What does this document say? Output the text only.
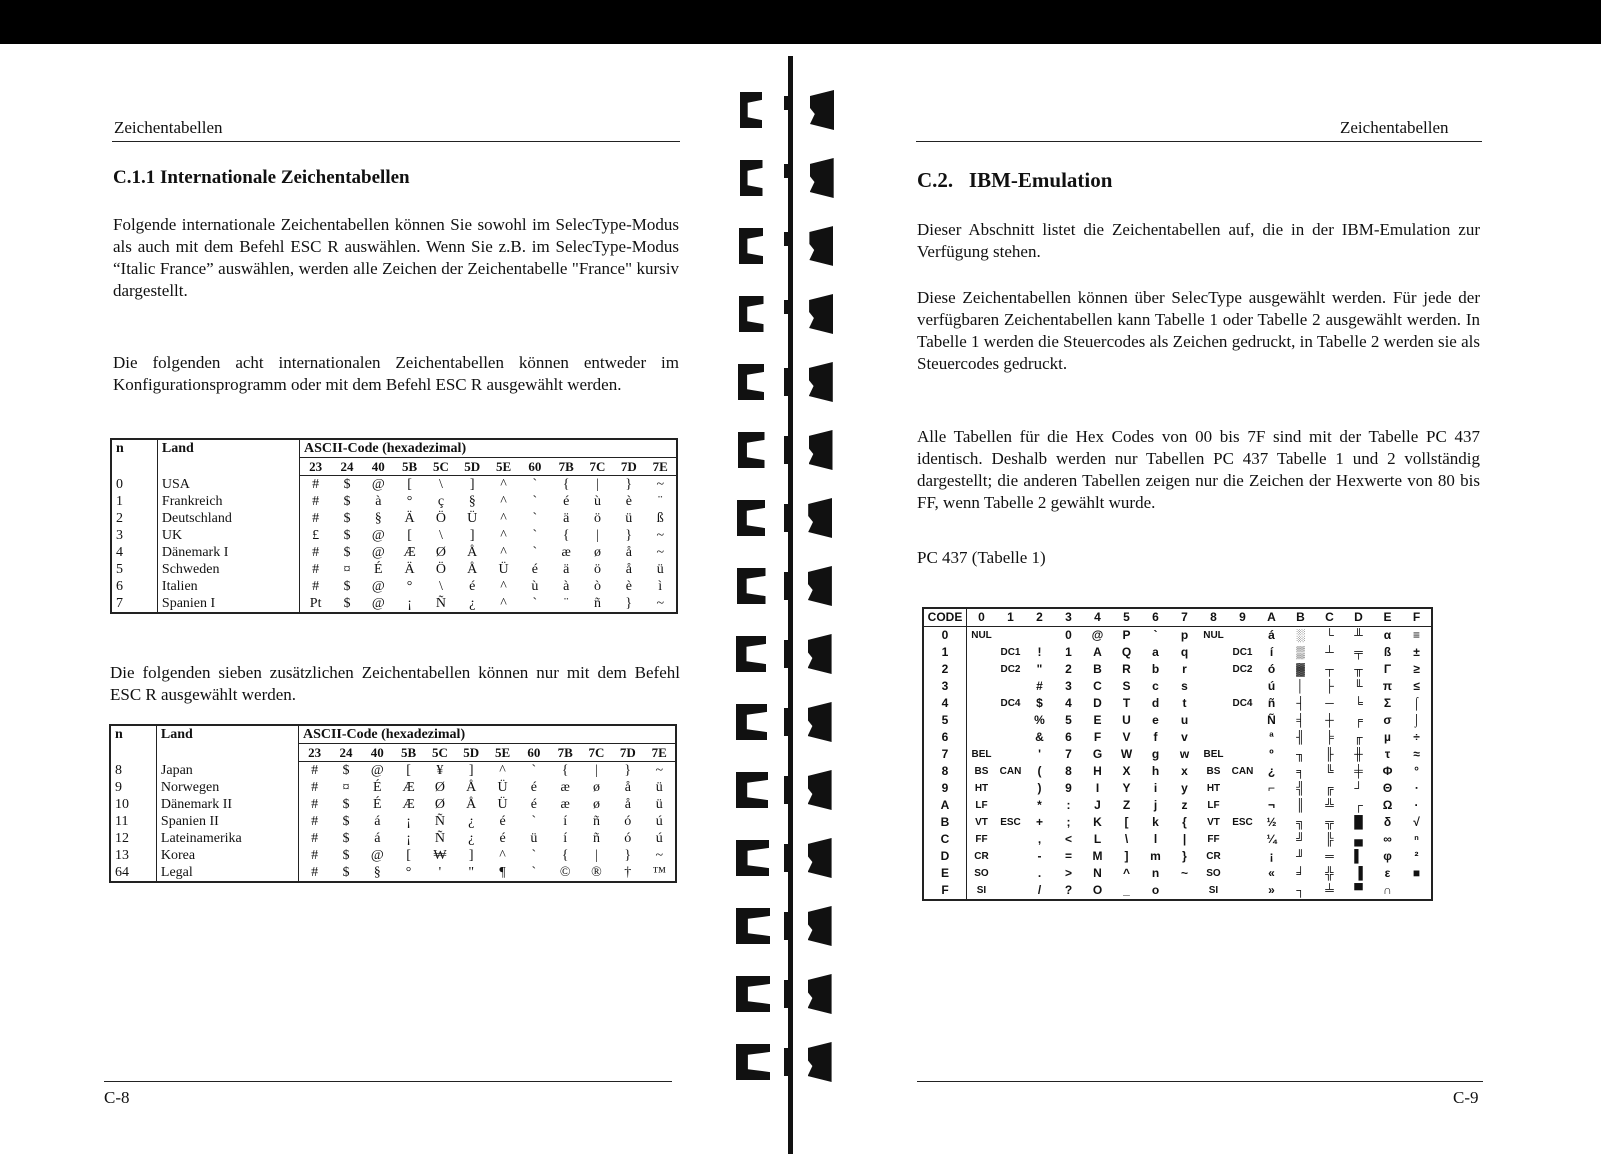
Zeichentabellen
C.1.1 Internationale Zeichentabellen

Folgende internationale Zeichentabellen können Sie sowohl im SelecType-Modus als auch mit dem Befehl ESC R auswählen. Wenn Sie z.B. im SelecType-Modus “Italic France” auswählen, werden alle Zeichen der Zeichentabelle "France" kursiv dargestellt.

Die folgenden acht internationalen Zeichentabellen können entweder im Konfigurationsprogramm oder mit dem Befehl ESC R ausgewählt werden.

n	Land	ASCII-Code (hexadezimal)											
		23	24	40	5B	5C	5D	5E	60	7B	7C	7D	7E
0	USA	#	$	@	[	\	]	^	`	{	|	}	~
1	Frankreich	#	$	à	°	ç	§	^	`	é	ù	è	¨
2	Deutschland	#	$	§	Ä	Ö	Ü	^	`	ä	ö	ü	ß
3	UK	£	$	@	[	\	]	^	`	{	|	}	~
4	Dänemark I	#	$	@	Æ	Ø	Å	^	`	æ	ø	å	~
5	Schweden	#	¤	É	Ä	Ö	Å	Ü	é	ä	ö	å	ü
6	Italien	#	$	@	°	\	é	^	ù	à	ò	è	ì
7	Spanien I	Pt	$	@	¡	Ñ	¿	^	`	¨	ñ	}	~

Die folgenden sieben zusätzlichen Zeichentabellen können nur mit dem Befehl ESC R ausgewählt werden.

n	Land	ASCII-Code (hexadezimal)											
		23	24	40	5B	5C	5D	5E	60	7B	7C	7D	7E
8	Japan	#	$	@	[	¥	]	^	`	{	|	}	~
9	Norwegen	#	¤	É	Æ	Ø	Å	Ü	é	æ	ø	å	ü
10	Dänemark II	#	$	É	Æ	Ø	Å	Ü	é	æ	ø	å	ü
11	Spanien II	#	$	á	¡	Ñ	¿	é	`	í	ñ	ó	ú
12	Lateinamerika	#	$	á	¡	Ñ	¿	é	ü	í	ñ	ó	ú
13	Korea	#	$	@	[	₩	]	^	`	{	|	}	~
64	Legal	#	$	§	°	'	"	¶	`	©	®	†	™
C-8
Zeichentabellen
C.2.   IBM-Emulation

Dieser Abschnitt listet die Zeichentabellen auf, die in der IBM-Emulation zur Verfügung stehen.

Diese Zeichentabellen können über SelecType ausgewählt werden. Für jede der verfügbaren Zeichentabellen kann Tabelle 1 oder Tabelle 2 ausgewählt werden. In Tabelle 1 werden die Steuercodes als Zeichen gedruckt, in Tabelle 2 werden sie als Steuercodes gedruckt.

Alle Tabellen für die Hex Codes von 00 bis 7F sind mit der Tabelle PC 437 identisch. Deshalb werden nur Tabellen PC 437 Tabelle 1 und 2 vollständig dargestellt; die anderen Tabellen zeigen nur die Zeichen der Hexwerte von 80 bis FF, wenn Tabelle 2 gewählt wurde.

PC 437 (Tabelle 1)
CODE	0	1	2	3	4	5	6	7	8	9	A	B	C	D	E	F
0	NUL			0	@	P	`	p	NUL		á	░	└	╨	α	≡
1		DC1	!	1	A	Q	a	q		DC1	í	▒	┴	╤	ß	±
2		DC2	"	2	B	R	b	r		DC2	ó	▓	┬	╥	Γ	≥
3			#	3	C	S	c	s			ú	│	├	╙	π	≤
4		DC4	$	4	D	T	d	t		DC4	ñ	┤	─	╘	Σ	⌠
5			%	5	E	U	e	u			Ñ	╡	┼	╒	σ	⌡
6			&	6	F	V	f	v			ª	╢	╞	╓	µ	÷
7	BEL		'	7	G	W	g	w	BEL		º	╖	╟	╫	τ	≈
8	BS	CAN	(	8	H	X	h	x	BS	CAN	¿	╕	╚	╪	Φ	°
9	HT		)	9	I	Y	i	y	HT		⌐	╣	╔	┘	Θ	∙
A	LF		*	:	J	Z	j	z	LF		¬	║	╩	┌	Ω	·
B	VT	ESC	+	;	K	[	k	{	VT	ESC	½	╗	╦	█	δ	√
C	FF		,	<	L	\	l	|	FF		¼	╝	╠	▄	∞	ⁿ
D	CR		-	=	M	]	m	}	CR		¡	╜	═	▌	φ	²
E	SO		.	>	N	^	n	~	SO		«	╛	╬	▐	ε	■
F	SI		/	?	O	_	o		SI		»	┐	╧	▀	∩	
C-9
